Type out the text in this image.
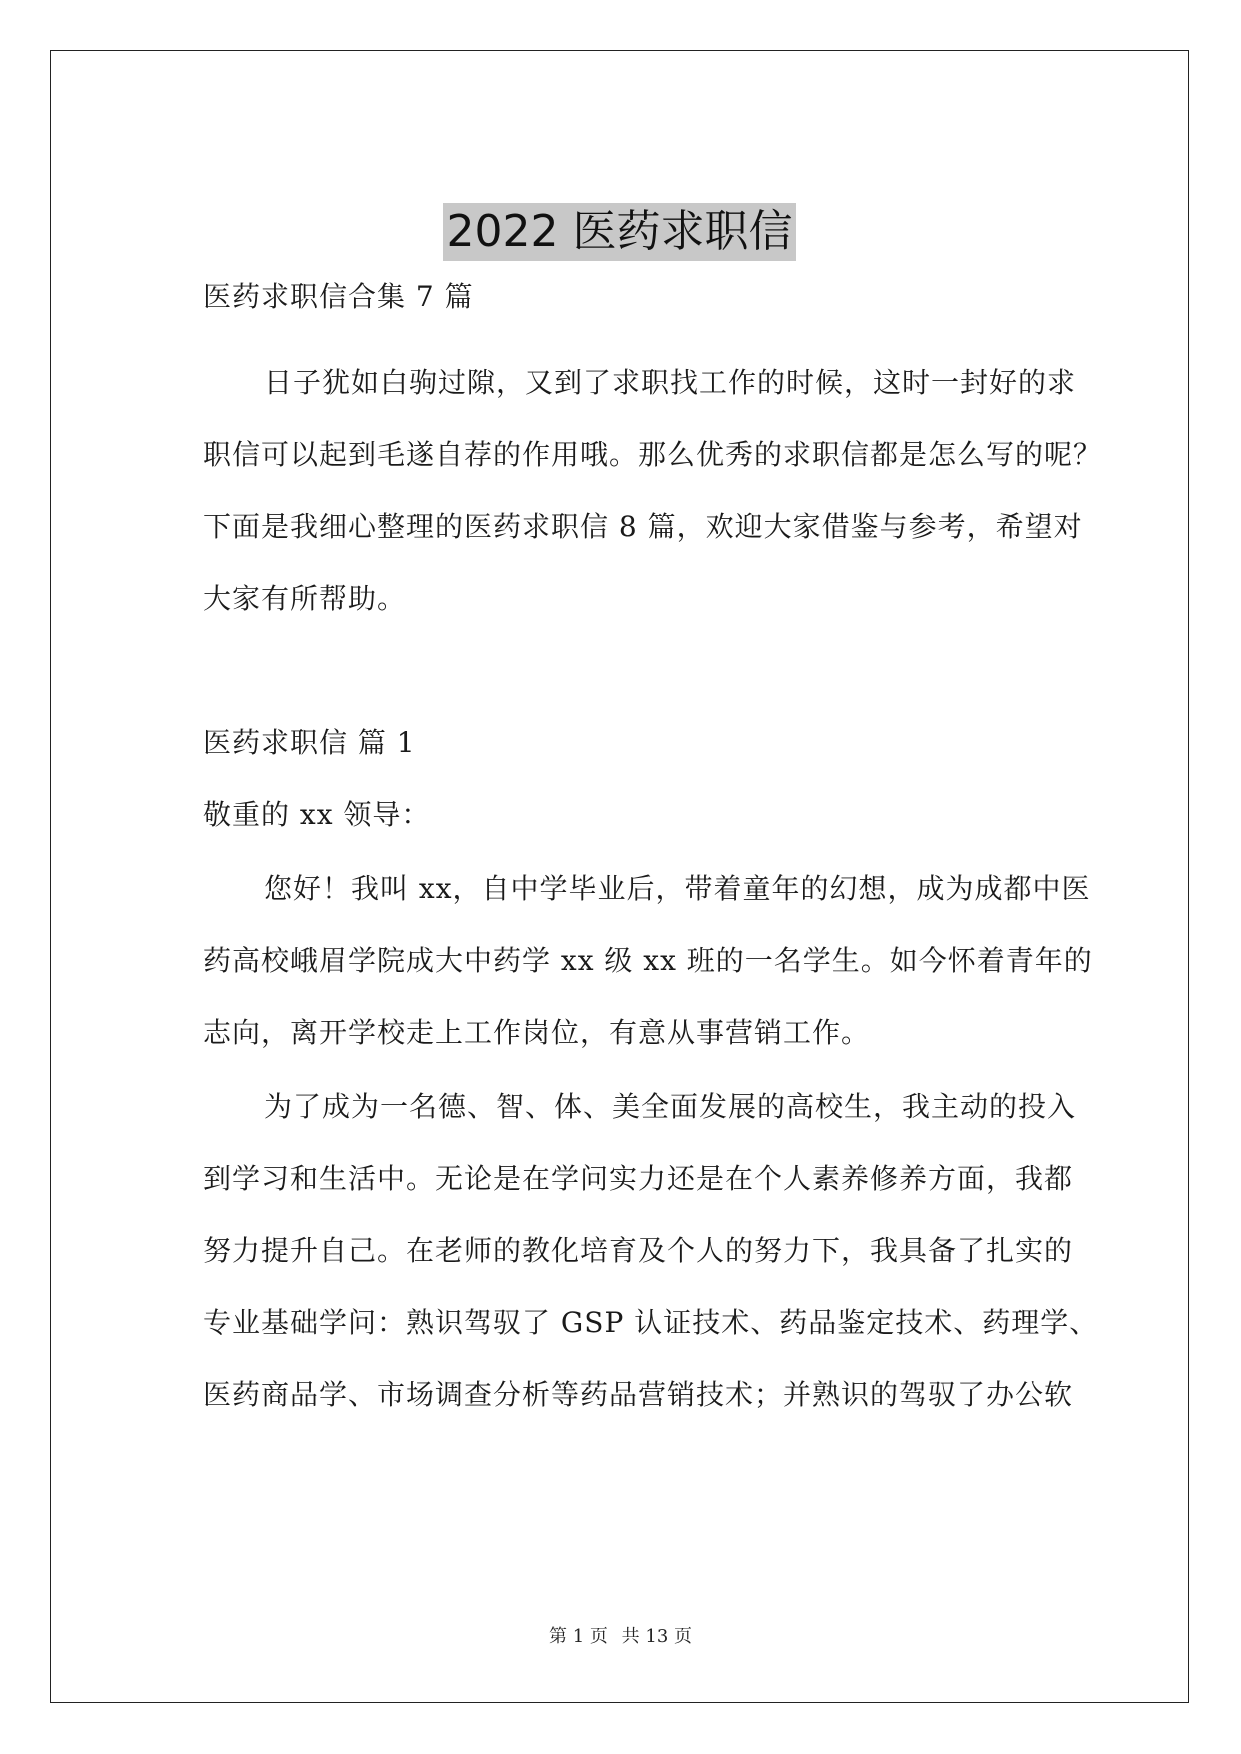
2022 医药求职信
医药求职信合集 7 篇
日子犹如白驹过隙，又到了求职找工作的时候，这时一封好的求
职信可以起到毛遂自荐的作用哦。那么优秀的求职信都是怎么写的呢？
下面是我细心整理的医药求职信 8 篇，欢迎大家借鉴与参考，希望对
大家有所帮助。
医药求职信 篇 1
敬重的 xx 领导：
您好！我叫 xx，自中学毕业后，带着童年的幻想，成为成都中医
药高校峨眉学院成大中药学 xx 级 xx 班的一名学生。如今怀着青年的
志向，离开学校走上工作岗位，有意从事营销工作。
为了成为一名德、智、体、美全面发展的高校生，我主动的投入
到学习和生活中。无论是在学问实力还是在个人素养修养方面，我都
努力提升自己。在老师的教化培育及个人的努力下，我具备了扎实的
专业基础学问：熟识驾驭了 GSP 认证技术、药品鉴定技术、药理学、
医药商品学、市场调查分析等药品营销技术；并熟识的驾驭了办公软
第 1 页 共 13 页
